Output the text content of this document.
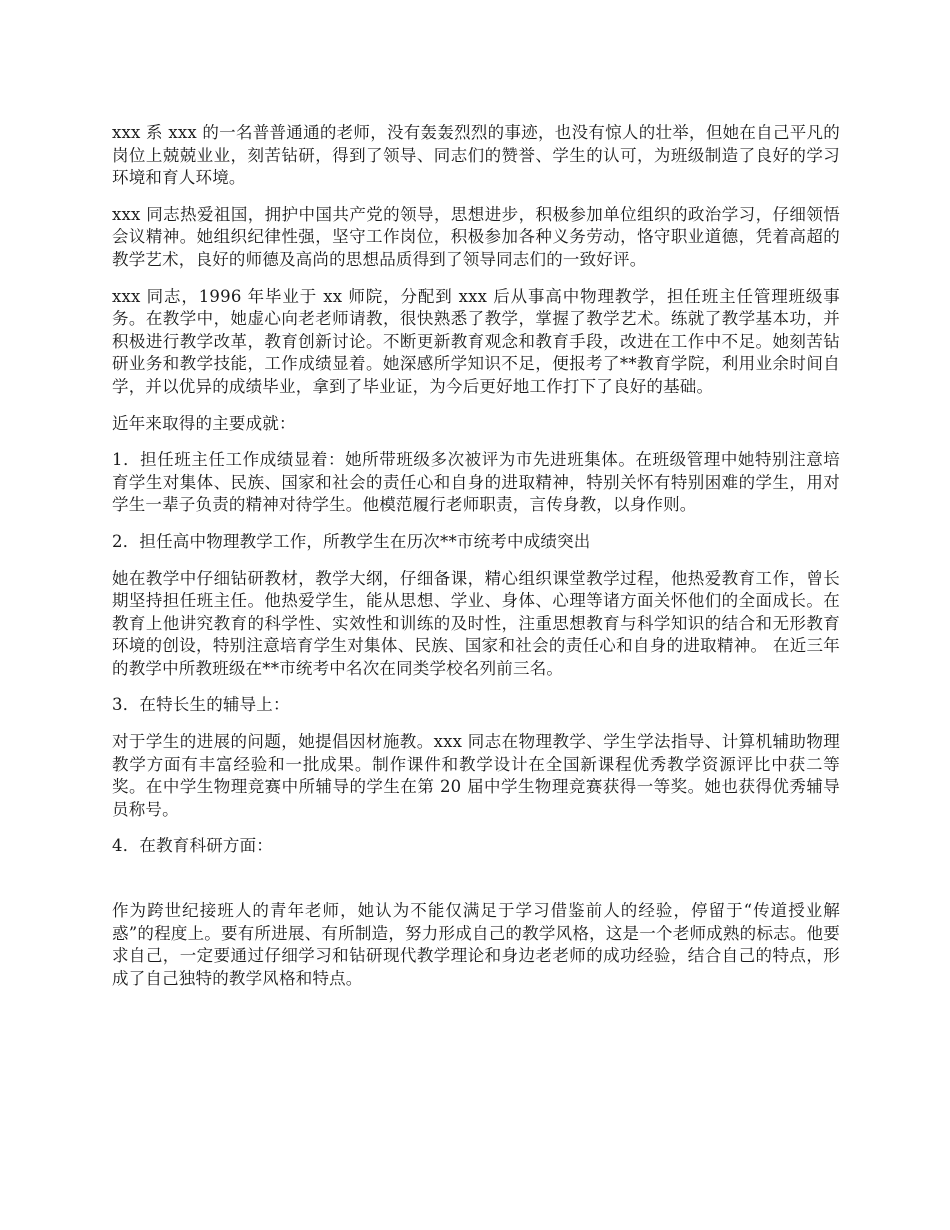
xxx 系 xxx 的一名普普通通的老师，没有轰轰烈烈的事迹，也没有惊人的壮举，但她在自己平凡的岗位上兢兢业业，刻苦钻研，得到了领导、同志们的赞誉、学生的认可，为班级制造了良好的学习环境和育人环境。

xxx 同志热爱祖国，拥护中国共产党的领导，思想进步，积极参加单位组织的政治学习，仔细领悟会议精神。她组织纪律性强，坚守工作岗位，积极参加各种义务劳动，恪守职业道德，凭着高超的教学艺术，良好的师德及高尚的思想品质得到了领导同志们的一致好评。

xxx 同志，1996 年毕业于 xx 师院，分配到 xxx 后从事高中物理教学，担任班主任管理班级事务。在教学中，她虚心向老老师请教，很快熟悉了教学，掌握了教学艺术。练就了教学基本功，并积极进行教学改革，教育创新讨论。不断更新教育观念和教育手段，改进在工作中不足。她刻苦钻研业务和教学技能，工作成绩显着。她深感所学知识不足，便报考了**教育学院，利用业余时间自学，并以优异的成绩毕业，拿到了毕业证，为今后更好地工作打下了良好的基础。

近年来取得的主要成就：

1．担任班主任工作成绩显着：她所带班级多次被评为市先进班集体。在班级管理中她特别注意培育学生对集体、民族、国家和社会的责任心和自身的进取精神，特别关怀有特别困难的学生，用对学生一辈子负责的精神对待学生。他模范履行老师职责，言传身教，以身作则。

2．担任高中物理教学工作，所教学生在历次**市统考中成绩突出

她在教学中仔细钻研教材，教学大纲，仔细备课，精心组织课堂教学过程，他热爱教育工作，曾长期坚持担任班主任。他热爱学生，能从思想、学业、身体、心理等诸方面关怀他们的全面成长。在教育上他讲究教育的科学性、实效性和训练的及时性，注重思想教育与科学知识的结合和无形教育环境的创设，特别注意培育学生对集体、民族、国家和社会的责任心和自身的进取精神。 在近三年的教学中所教班级在**市统考中名次在同类学校名列前三名。

3．在特长生的辅导上：

对于学生的进展的问题，她提倡因材施教。xxx 同志在物理教学、学生学法指导、计算机辅助物理教学方面有丰富经验和一批成果。制作课件和教学设计在全国新课程优秀教学资源评比中获二等奖。在中学生物理竞赛中所辅导的学生在第 20 届中学生物理竞赛获得一等奖。她也获得优秀辅导员称号。

4．在教育科研方面：

作为跨世纪接班人的青年老师，她认为不能仅满足于学习借鉴前人的经验，停留于“传道授业解惑”的程度上。要有所进展、有所制造，努力形成自己的教学风格，这是一个老师成熟的标志。他要求自己，一定要通过仔细学习和钻研现代教学理论和身边老老师的成功经验，结合自己的特点，形成了自己独特的教学风格和特点。
